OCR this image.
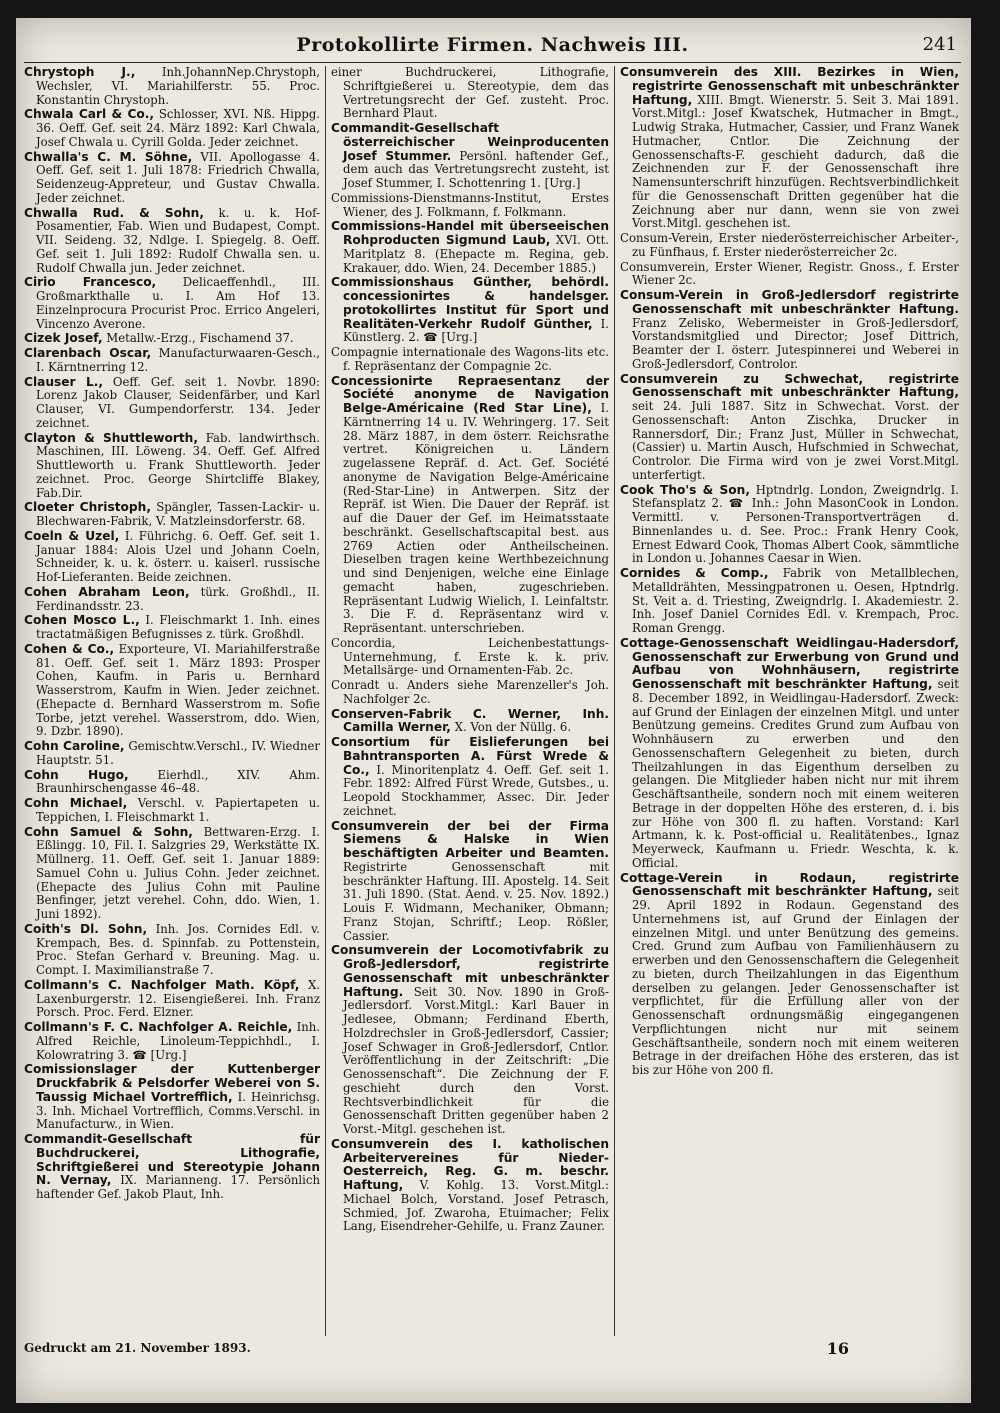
Protokollirte Firmen. Nachweis III.	241
Chrystoph J., Inh.JohannNep.Chrystoph, Wechsler, VI. Mariahilferstr. 55. Proc. Konstantin Chrystoph.
Chwala Carl & Co., Schlosser, XVI. Nß. Hippg. 36. Oeff. Gef. seit 24. März 1892: Karl Chwala, Josef Chwala u. Cyrill Golda. Jeder zeichnet.
Chwalla's C. M. Söhne, VII. Apollogasse 4. Oeff. Gef. seit 1. Juli 1878: Friedrich Chwalla, Seidenzeug-Appreteur, und Gustav Chwalla. Jeder zeichnet.
Chwalla Rud. & Sohn, k. u. k. Hof-Posamentier, Fab. Wien und Budapest, Compt. VII. Seideng. 32, Ndlge. I. Spiegelg. 8. Oeff. Gef. seit 1. Juli 1892: Rudolf Chwalla sen. u. Rudolf Chwalla jun. Jeder zeichnet.
Cirio Francesco, Delicaeffenhdl., III. Großmarkthalle u. I. Am Hof 13. Einzelnprocura Procurist Proc. Errico Angeleri, Vincenzo Averone.
Cizek Josef, Metallw.-Erzg., Fischamend 37.
Clarenbach Oscar, Manufacturwaaren-Gesch., I. Kärntnerring 12.
Clauser L., Oeff. Gef. seit 1. Novbr. 1890: Lorenz Jakob Clauser, Seidenfärber, und Karl Clauser, VI. Gumpendorferstr. 134. Jeder zeichnet.
Clayton & Shuttleworth, Fab. landwirthsch. Maschinen, III. Löweng. 34. Oeff. Gef. Alfred Shuttleworth u. Frank Shuttleworth. Jeder zeichnet. Proc. George Shirtcliffe Blakey, Fab.Dir.
Cloeter Christoph, Spängler, Tassen-Lackir- u. Blechwaren-Fabrik, V. Matzleinsdorferstr. 68.
Coeln & Uzel, I. Führichg. 6. Oeff. Gef. seit 1. Januar 1884: Alois Uzel und Johann Coeln, Schneider, k. u. k. österr. u. kaiserl. russische Hof-Lieferanten. Beide zeichnen.
Cohen Abraham Leon, türk. Großhdl., II. Ferdinandsstr. 23.
Cohen Mosco L., I. Fleischmarkt 1. Inh. eines tractatmäßigen Befugnisses z. türk. Großhdl.
Cohen & Co., Exporteure, VI. Mariahilferstraße 81. Oeff. Gef. seit 1. März 1893: Prosper Cohen, Kaufm. in Paris u. Bernhard Wasserstrom, Kaufm in Wien. Jeder zeichnet. (Ehepacte d. Bernhard Wasserstrom m. Sofie Torbe, jetzt verehel. Wasserstrom, ddo. Wien, 9. Dzbr. 1890).
Cohn Caroline, Gemischtw.Verschl., IV. Wiedner Hauptstr. 51.
Cohn Hugo, Eierhdl., XIV. Ahm. Braunhirschengasse 46–48.
Cohn Michael, Verschl. v. Papiertapeten u. Teppichen, I. Fleischmarkt 1.
Cohn Samuel & Sohn, Bettwaren-Erzg. I. Eßlingg. 10, Fil. I. Salzgries 29, Werkstätte IX. Müllnerg. 11. Oeff. Gef. seit 1. Januar 1889: Samuel Cohn u. Julius Cohn. Jeder zeichnet. (Ehepacte des Julius Cohn mit Pauline Benfinger, jetzt verehel. Cohn, ddo. Wien, 1. Juni 1892).
Coith's Dl. Sohn, Inh. Jos. Cornides Edl. v. Krempach, Bes. d. Spinnfab. zu Pottenstein, Proc. Stefan Gerhard v. Breuning. Mag. u. Compt. I. Maximilianstraße 7.
Collmann's C. Nachfolger Math. Köpf, X. Laxenburgerstr. 12. Eisengießerei. Inh. Franz Porsch. Proc. Ferd. Elzner.
Collmann's F. C. Nachfolger A. Reichle, Inh. Alfred Reichle, Linoleum-Teppichhdl., I. Kolowratring 3. ☎ [Urg.]
Comissionslager der Kuttenberger Druckfabrik & Pelsdorfer Weberei von S. Taussig Michael Vortrefflich, I. Heinrichsg. 3. Inh. Michael Vortrefflich, Comms.Verschl. in Manufacturw., in Wien.
Commandit-Gesellschaft für Buchdruckerei, Lithografie, Schriftgießerei und Stereotypie Johann N. Vernay, IX. Marianneng. 17. Persönlich haftender Gef. Jakob Plaut, Inh.
einer Buchdruckerei, Lithografie, Schriftgießerei u. Stereotypie, dem das Vertretungsrecht der Gef. zusteht. Proc. Bernhard Plaut.
Commandit-Gesellschaft österreichischer Weinproducenten Josef Stummer. Persönl. haftender Gef., dem auch das Vertretungsrecht zusteht, ist Josef Stummer, I. Schottenring 1. [Urg.]
Commissions-Dienstmanns-Institut, Erstes Wiener, des J. Folkmann, f. Folkmann.
Commissions-Handel mit überseeischen Rohproducten Sigmund Laub, XVI. Ott. Maritplatz 8. (Ehepacte m. Regina, geb. Krakauer, ddo. Wien, 24. December 1885.)
Commissionshaus Günther, behördl. concessionirtes & handelsger. protokollirtes Institut für Sport und Realitäten-Verkehr Rudolf Günther, I. Künstlerg. 2. ☎ [Urg.]
Compagnie internationale des Wagons-lits etc. f. Repräsentanz der Compagnie 2c.
Concessionirte Repraesentanz der Société anonyme de Navigation Belge-Américaine (Red Star Line), I. Kärntnerring 14 u. IV. Wehringerg. 17. Seit 28. März 1887, in dem österr. Reichsrathe vertret. Königreichen u. Ländern zugelassene Repräf. d. Act. Gef. Société anonyme de Navigation Belge-Américaine (Red-Star-Line) in Antwerpen. Sitz der Repräf. ist Wien. Die Dauer der Repräf. ist auf die Dauer der Gef. im Heimatsstaate beschränkt. Gesellschaftscapital best. aus 2769 Actien oder Antheilscheinen. Dieselben tragen keine Werthbezeichnung und sind Denjenigen, welche eine Einlage gemacht haben, zugeschrieben. Repräsentant Ludwig Wielich, I. Leinfaltstr. 3. Die F. d. Repräsentanz wird v. Repräsentant. unterschrieben.
Concordia, Leichenbestattungs-Unternehmung, f. Erste k. k. priv. Metallsärge- und Ornamenten-Fab. 2c.
Conradt u. Anders siehe Marenzeller's Joh. Nachfolger 2c.
Conserven-Fabrik C. Werner, Inh. Camilla Werner, X. Von der Nüllg. 6.
Consortium für Eislieferungen bei Bahntransporten A. Fürst Wrede & Co., I. Minoritenplatz 4. Oeff. Gef. seit 1. Febr. 1892: Alfred Fürst Wrede, Gutsbes., u. Leopold Stockhammer, Assec. Dir. Jeder zeichnet.
Consumverein der bei der Firma Siemens & Halske in Wien beschäftigten Arbeiter und Beamten. Registrirte Genossenschaft mit beschränkter Haftung. III. Apostelg. 14. Seit 31. Juli 1890. (Stat. Aend. v. 25. Nov. 1892.) Louis F. Widmann, Mechaniker, Obmann; Franz Stojan, Schriftf.; Leop. Rößler, Cassier.
Consumverein der Locomotivfabrik zu Groß-Jedlersdorf, registrirte Genossenschaft mit unbeschränkter Haftung. Seit 30. Nov. 1890 in Groß-Jedlersdorf. Vorst.Mitgl.: Karl Bauer in Jedlesee, Obmann; Ferdinand Eberth, Holzdrechsler in Groß-Jedlersdorf, Cassier; Josef Schwager in Groß-Jedlersdorf, Cntlor. Veröffentlichung in der Zeitschrift: „Die Genossenschaft“. Die Zeichnung der F. geschieht durch den Vorst. Rechtsverbindlichkeit für die Genossenschaft Dritten gegenüber haben 2 Vorst.-Mitgl. geschehen ist.
Consumverein des I. katholischen Arbeitervereines für Nieder-Oesterreich, Reg. G. m. beschr. Haftung, V. Kohlg. 13. Vorst.Mitgl.: Michael Bolch, Vorstand. Josef Petrasch, Schmied, Jof. Zwaroha, Etuimacher; Felix Lang, Eisendreher-Gehilfe, u. Franz Zauner.
Consumverein des XIII. Bezirkes in Wien, registrirte Genossenschaft mit unbeschränkter Haftung, XIII. Bmgt. Wienerstr. 5. Seit 3. Mai 1891. Vorst.Mitgl.: Josef Kwatschek, Hutmacher in Bmgt., Ludwig Straka, Hutmacher, Cassier, und Franz Wanek Hutmacher, Cntlor. Die Zeichnung der Genossenschafts-F. geschieht dadurch, daß die Zeichnenden zur F. der Genossenschaft ihre Namensunterschrift hinzufügen. Rechtsverbindlichkeit für die Genossenschaft Dritten gegenüber hat die Zeichnung aber nur dann, wenn sie von zwei Vorst.Mitgl. geschehen ist.
Consum-Verein, Erster niederösterreichischer Arbeiter-, zu Fünfhaus, f. Erster niederösterreicher 2c.
Consumverein, Erster Wiener, Registr. Gnoss., f. Erster Wiener 2c.
Consum-Verein in Groß-Jedlersdorf registrirte Genossenschaft mit unbeschränkter Haftung. Franz Zelisko, Webermeister in Groß-Jedlersdorf, Vorstandsmitglied und Director; Josef Dittrich, Beamter der I. österr. Jutespinnerei und Weberei in Groß-Jedlersdorf, Controlor.
Consumverein zu Schwechat, registrirte Genossenschaft mit unbeschränkter Haftung, seit 24. Juli 1887. Sitz in Schwechat. Vorst. der Genossenschaft: Anton Zischka, Drucker in Rannersdorf, Dir.; Franz Just, Müller in Schwechat, (Cassier) u. Martin Ausch, Hufschmied in Schwechat, Controlor. Die Firma wird von je zwei Vorst.Mitgl. unterfertigt.
Cook Tho's & Son, Hptndrlg. London, Zweigndrlg. I. Stefansplatz 2. ☎ Inh.: John MasonCook in London. Vermittl. v. Personen-Transportverträgen d. Binnenlandes u. d. See. Proc.: Frank Henry Cook, Ernest Edward Cook, Thomas Albert Cook, sämmtliche in London u. Johannes Caesar in Wien.
Cornides & Comp., Fabrik von Metallblechen, Metalldrähten, Messingpatronen u. Oesen, Hptndrlg. St. Veit a. d. Triesting, Zweigndrlg. I. Akademiestr. 2. Inh. Josef Daniel Cornides Edl. v. Krempach, Proc. Roman Grengg.
Cottage-Genossenschaft Weidlingau-Hadersdorf, Genossenschaft zur Erwerbung von Grund und Aufbau von Wohnhäusern, registrirte Genossenschaft mit beschränkter Haftung, seit 8. December 1892, in Weidlingau-Hadersdorf. Zweck: auf Grund der Einlagen der einzelnen Mitgl. und unter Benützung gemeins. Credites Grund zum Aufbau von Wohnhäusern zu erwerben und den Genossenschaftern Gelegenheit zu bieten, durch Theilzahlungen in das Eigenthum derselben zu gelangen. Die Mitglieder haben nicht nur mit ihrem Geschäftsantheile, sondern noch mit einem weiteren Betrage in der doppelten Höhe des ersteren, d. i. bis zur Höhe von 300 fl. zu haften. Vorstand: Karl Artmann, k. k. Post-official u. Realitätenbes., Ignaz Meyerweck, Kaufmann u. Friedr. Weschta, k. k. Official.
Cottage-Verein in Rodaun, registrirte Genossenschaft mit beschränkter Haftung, seit 29. April 1892 in Rodaun. Gegenstand des Unternehmens ist, auf Grund der Einlagen der einzelnen Mitgl. und unter Benützung des gemeins. Cred. Grund zum Aufbau von Familienhäusern zu erwerben und den Genossenschaftern die Gelegenheit zu bieten, durch Theilzahlungen in das Eigenthum derselben zu gelangen. Jeder Genossenschafter ist verpflichtet, für die Erfüllung aller von der Genossenschaft ordnungsmäßig eingegangenen Verpflichtungen nicht nur mit seinem Geschäftsantheile, sondern noch mit einem weiteren Betrage in der dreifachen Höhe des ersteren, das ist bis zur Höhe von 200 fl.
Gedruckt am 21. November 1893.	16
